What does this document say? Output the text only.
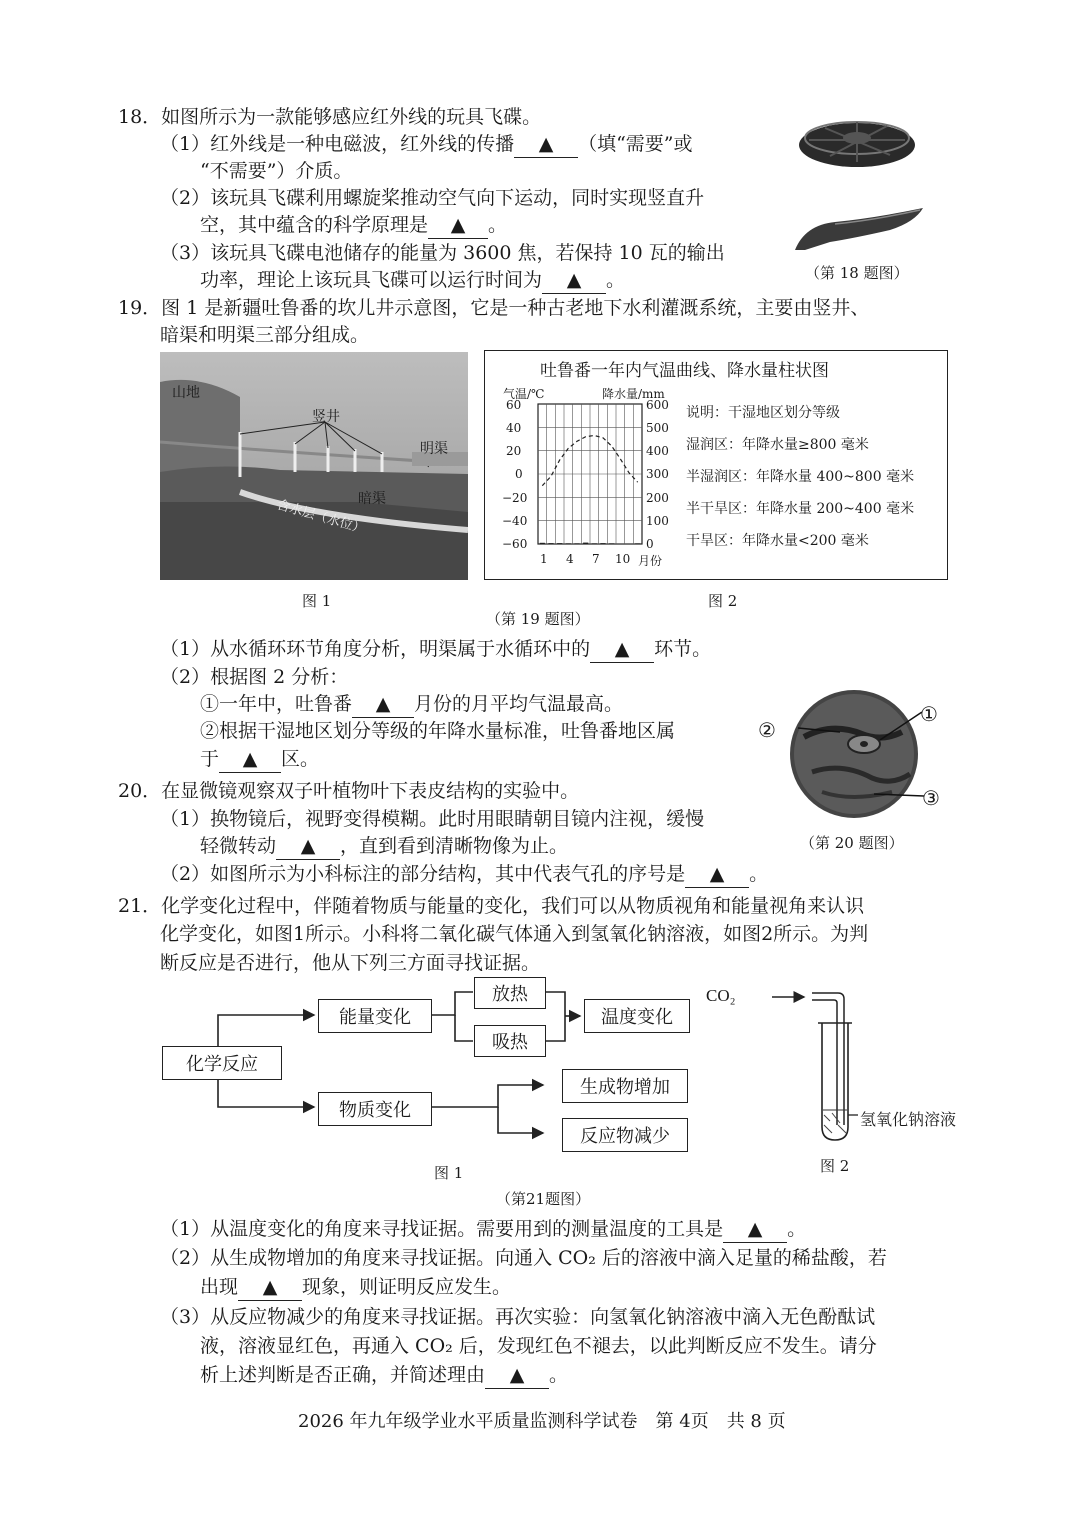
18．如图所示为一款能够感应红外线的玩具飞碟。
（1）红外线是一种电磁波，红外线的传播 ▲ （填“需要”或
“不需要”）介质。
（2）该玩具飞碟利用螺旋桨推动空气向下运动，同时实现竖直升
空，其中蕴含的科学原理是 ▲ 。
（3）该玩具飞碟电池储存的能量为 3600 焦，若保持 10 瓦的输出
功率，理论上该玩具飞碟可以运行时间为 ▲ 。	（第 18 题图）
19．图 1 是新疆吐鲁番的坎儿井示意图，它是一种古老地下水利灌溉系统，主要由竖井、
暗渠和明渠三部分组成。
山地
竖井
明渠
暗渠
含水层（水位）
图 1
吐鲁番一年内气温曲线、降水量柱状图
气温/℃	降水量/mm
60
40
20
0
−20
−40
−60
600
500
400
300
200
100
0
1 4 7 10 月份
说明：干湿地区划分等级
湿润区：年降水量≥800 毫米
半湿润区：年降水量 400~800 毫米
半干旱区：年降水量 200~400 毫米
干旱区：年降水量<200 毫米
图 2
（第 19 题图）
（1）从水循环环节角度分析，明渠属于水循环中的 ▲ 环节。
（2）根据图 2 分析：
①一年中，吐鲁番 ▲ 月份的月平均气温最高。
②根据干湿地区划分等级的年降水量标准，吐鲁番地区属
于 ▲ 区。
①
②
③
（第 20 题图）
20．在显微镜观察双子叶植物叶下表皮结构的实验中。
（1）换物镜后，视野变得模糊。此时用眼睛朝目镜内注视，缓慢
轻微转动 ▲ ，直到看到清晰物像为止。
（2）如图所示为小科标注的部分结构，其中代表气孔的序号是 ▲ 。
21．化学变化过程中，伴随着物质与能量的变化，我们可以从物质视角和能量视角来认识
化学变化，如图1所示。小科将二氧化碳气体通入到氢氧化钠溶液，如图2所示。为判
断反应是否进行，他从下列三方面寻找证据。
化学反应
能量变化
物质变化
放热
吸热
温度变化
生成物增加
反应物减少
图 1
CO₂
氢氧化钠溶液
图 2
（第21题图）
（1）从温度变化的角度来寻找证据。需要用到的测量温度的工具是 ▲ 。
（2）从生成物增加的角度来寻找证据。向通入 CO₂ 后的溶液中滴入足量的稀盐酸，若
出现 ▲ 现象，则证明反应发生。
（3）从反应物减少的角度来寻找证据。再次实验：向氢氧化钠溶液中滴入无色酚酞试
液，溶液显红色，再通入 CO₂ 后，发现红色不褪去，以此判断反应不发生。请分
析上述判断是否正确，并简述理由 ▲ 。
2026 年九年级学业水平质量监测科学试卷　第 4页　共 8 页
